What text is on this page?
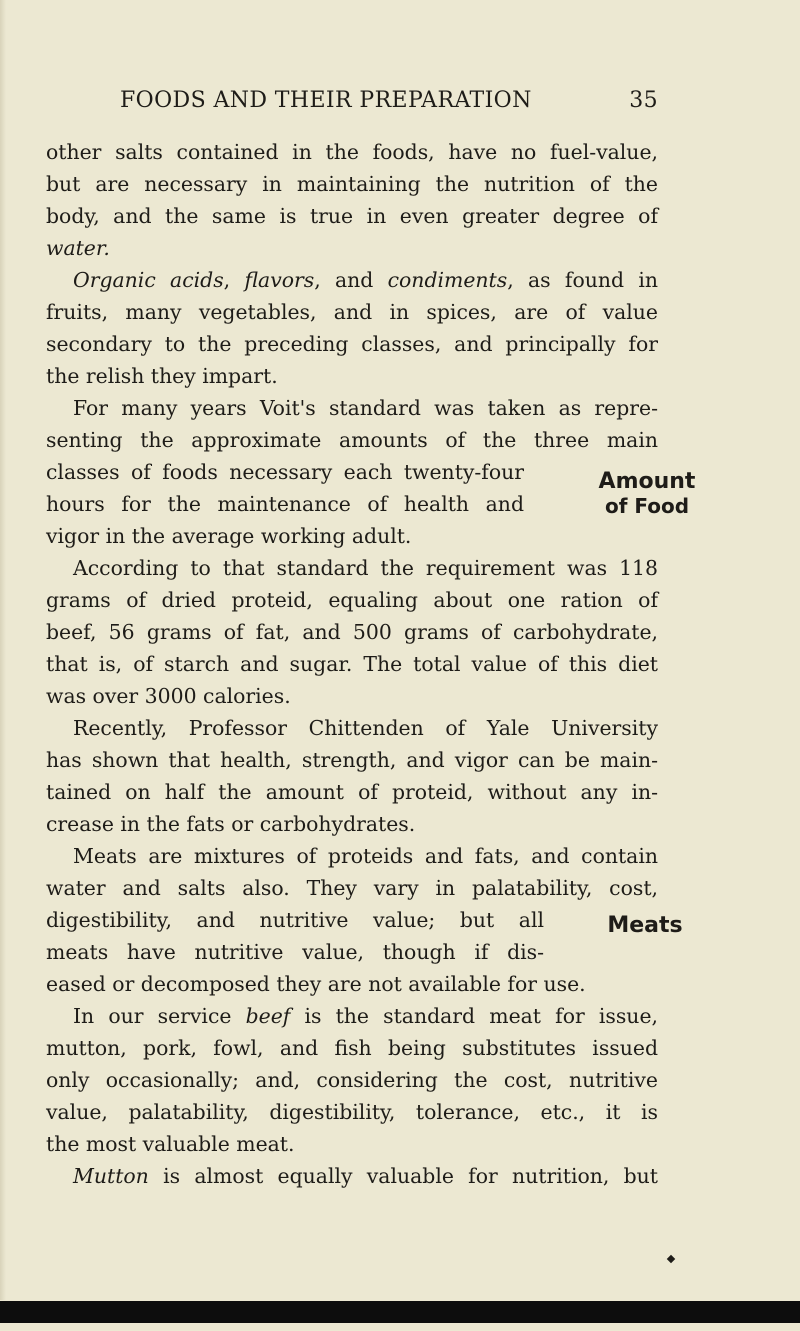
FOODS AND THEIR PREPARATION	35
other salts contained in the foods, have no fuel-value,
but are necessary in maintaining the nutrition of the
body, and the same is true in even greater degree of
water.
Organic acids, flavors, and condiments, as found in
fruits, many vegetables, and in spices, are of value
secondary to the preceding classes, and principally for
the relish they impart.
For many years Voit's standard was taken as repre-
senting the approximate amounts of the three main
classes of foods necessary each twenty-four
hours for the maintenance of health and
vigor in the average working adult.
According to that standard the requirement was 118
grams of dried proteid, equaling about one ration of
beef, 56 grams of fat, and 500 grams of carbohydrate,
that is, of starch and sugar. The total value of this diet
was over 3000 calories.
Recently, Professor Chittenden of Yale University
has shown that health, strength, and vigor can be main-
tained on half the amount of proteid, without any in-
crease in the fats or carbohydrates.
Meats are mixtures of proteids and fats, and contain
water and salts also. They vary in palatability, cost,
digestibility, and nutritive value; but all
meats have nutritive value, though if dis-
eased or decomposed they are not available for use.
In our service beef is the standard meat for issue,
mutton, pork, fowl, and fish being substitutes issued
only occasionally; and, considering the cost, nutritive
value, palatability, digestibility, tolerance, etc., it is
the most valuable meat.
Mutton is almost equally valuable for nutrition, but
Amount
of Food
Meats
